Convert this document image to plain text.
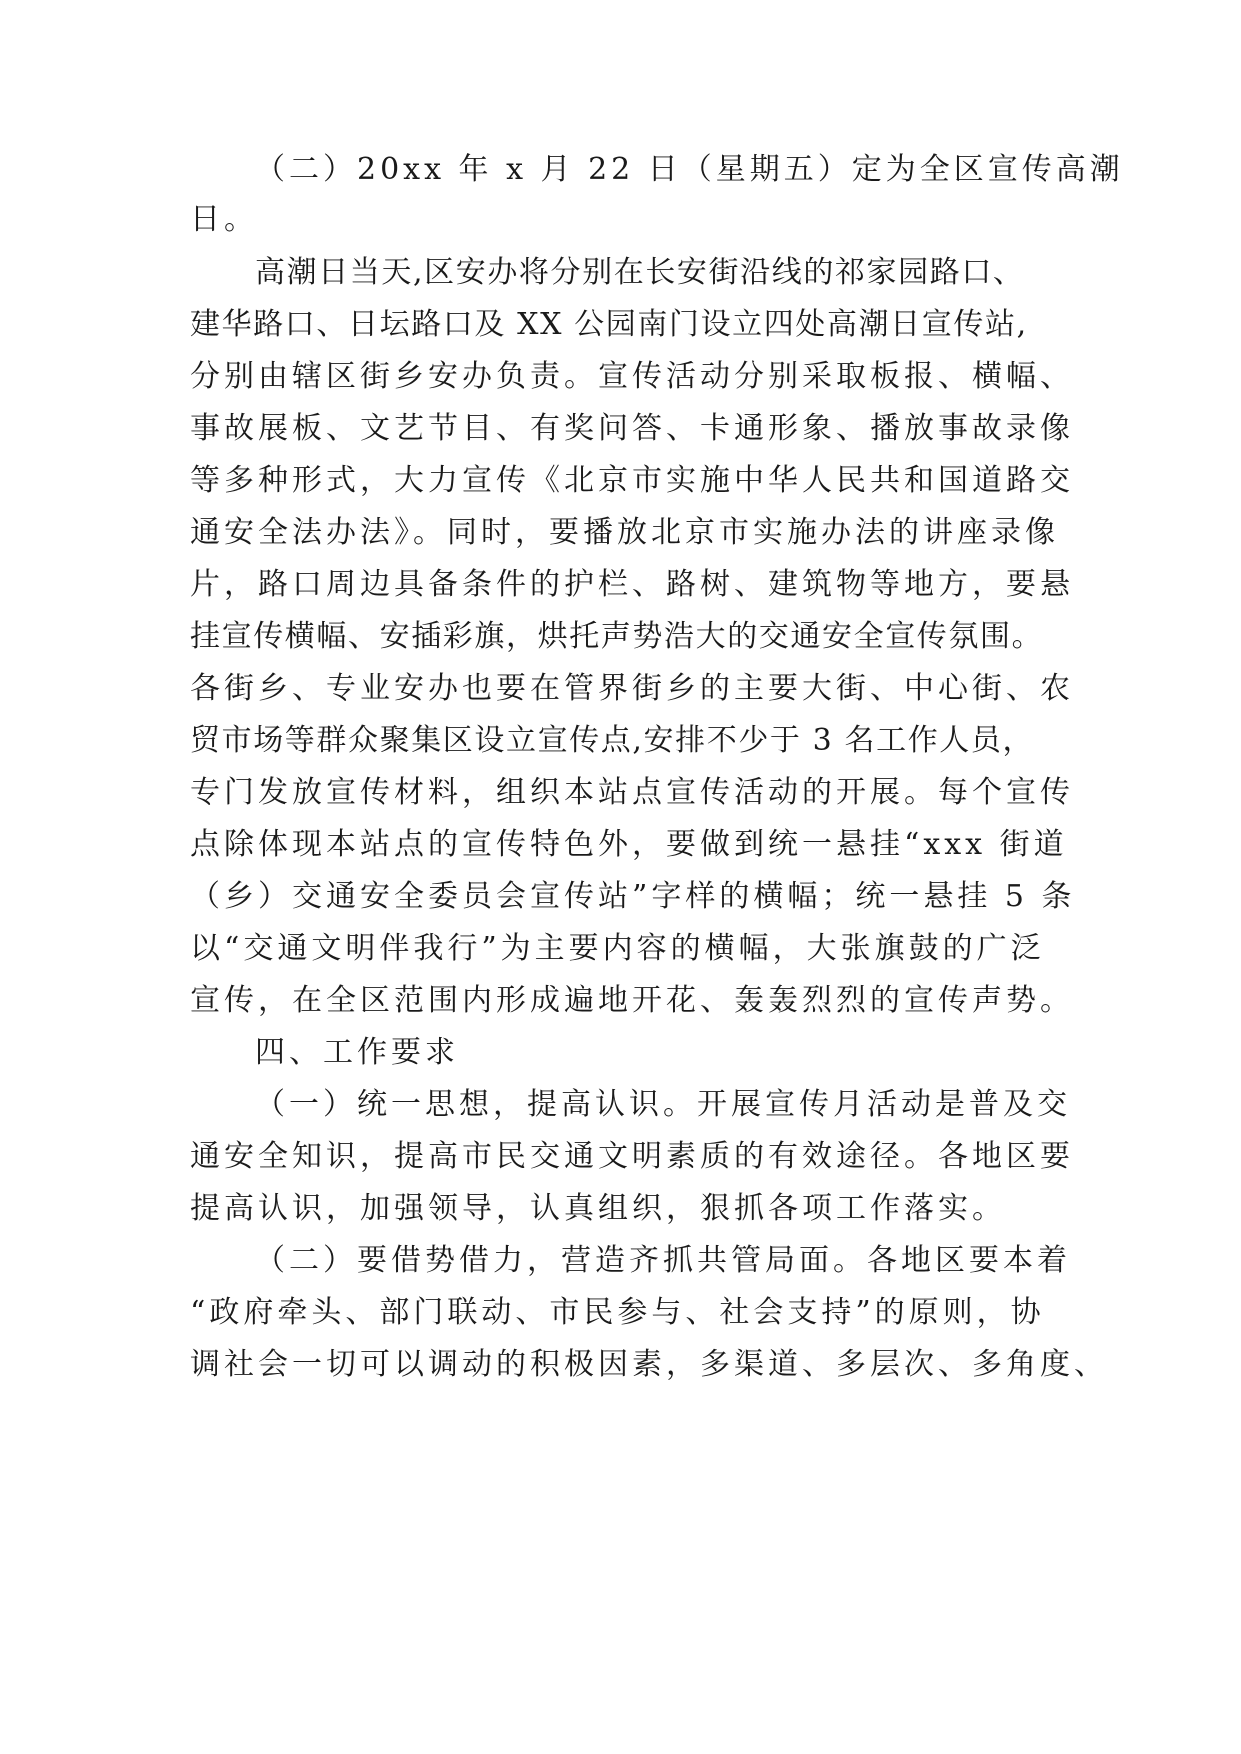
（二）20xx 年 x 月 22 日（星期五）定为全区宣传高潮
日。
高潮日当天,区安办将分别在长安街沿线的祁家园路口、
建华路口、日坛路口及 XX 公园南门设立四处高潮日宣传站,
分别由辖区街乡安办负责。宣传活动分别采取板报、横幅、
事故展板、文艺节目、有奖问答、卡通形象、播放事故录像
等多种形式，大力宣传《北京市实施中华人民共和国道路交
通安全法办法》。同时，要播放北京市实施办法的讲座录像
片，路口周边具备条件的护栏、路树、建筑物等地方，要悬
挂宣传横幅、安插彩旗，烘托声势浩大的交通安全宣传氛围。
各街乡、专业安办也要在管界街乡的主要大街、中心街、农
贸市场等群众聚集区设立宣传点,安排不少于 3 名工作人员，
专门发放宣传材料，组织本站点宣传活动的开展。每个宣传
点除体现本站点的宣传特色外，要做到统一悬挂“xxx 街道
（乡）交通安全委员会宣传站”字样的横幅；统一悬挂 5 条
以“交通文明伴我行”为主要内容的横幅，大张旗鼓的广泛
宣传，在全区范围内形成遍地开花、轰轰烈烈的宣传声势。
四、工作要求
（一）统一思想，提高认识。开展宣传月活动是普及交
通安全知识，提高市民交通文明素质的有效途径。各地区要
提高认识，加强领导，认真组织，狠抓各项工作落实。
（二）要借势借力，营造齐抓共管局面。各地区要本着
“政府牵头、部门联动、市民参与、社会支持”的原则，协
调社会一切可以调动的积极因素，多渠道、多层次、多角度、
